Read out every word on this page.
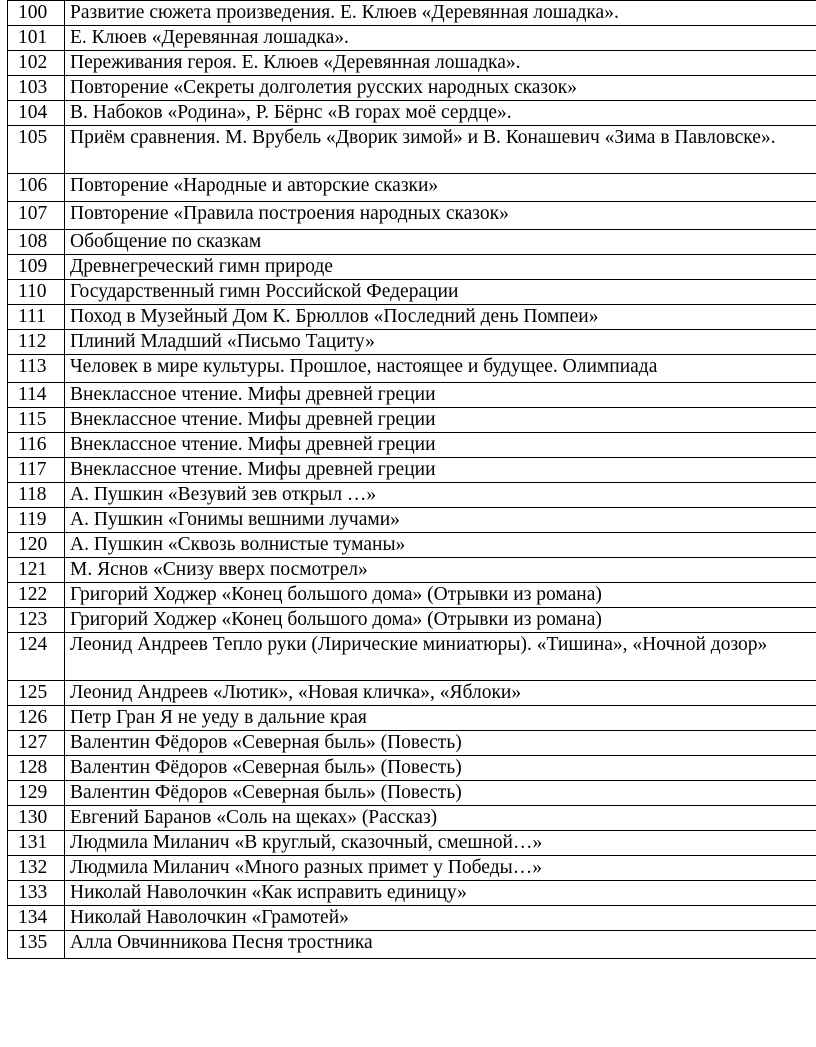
100	Развитие сюжета произведения. Е. Клюев «Деревянная лошадка».
101	Е. Клюев «Деревянная лошадка».
102	Переживания героя. Е. Клюев «Деревянная лошадка».
103	Повторение «Секреты долголетия русских народных сказок»
104	В. Набоков «Родина», Р. Бёрнс «В горах моё сердце».
105	Приём сравнения. М. Врубель «Дворик зимой» и В. Конашевич «Зима в Павловске».
106	Повторение «Народные и авторские сказки»
107	Повторение «Правила построения народных сказок»
108	Обобщение по сказкам
109	Древнегреческий гимн природе
110	Государственный гимн Российской Федерации
111	Поход в Музейный Дом К. Брюллов «Последний день Помпеи»
112	Плиний Младший «Письмо Тациту»
113	Человек в мире культуры. Прошлое, настоящее и будущее. Олимпиада
114	Внеклассное чтение. Мифы древней греции
115	Внеклассное чтение. Мифы древней греции
116	Внеклассное чтение. Мифы древней греции
117	Внеклассное чтение. Мифы древней греции
118	А. Пушкин «Везувий зев открыл …»
119	А. Пушкин «Гонимы вешними лучами»
120	А. Пушкин «Сквозь волнистые туманы»
121	М. Яснов «Снизу вверх посмотрел»
122	Григорий Ходжер «Конец большого дома» (Отрывки из романа)
123	Григорий Ходжер «Конец большого дома» (Отрывки из романа)
124	Леонид Андреев Тепло руки (Лирические миниатюры). «Тишина», «Ночной дозор»
125	Леонид Андреев «Лютик», «Новая кличка», «Яблоки»
126	Петр Гран Я не уеду в дальние края
127	Валентин Фёдоров «Северная быль» (Повесть)
128	Валентин Фёдоров «Северная быль» (Повесть)
129	Валентин Фёдоров «Северная быль» (Повесть)
130	Евгений Баранов «Соль на щеках» (Рассказ)
131	Людмила Миланич «В круглый, сказочный, смешной…»
132	Людмила Миланич «Много разных примет у Победы…»
133	Николай Наволочкин «Как исправить единицу»
134	Николай Наволочкин «Грамотей»
135	Алла Овчинникова Песня тростника
